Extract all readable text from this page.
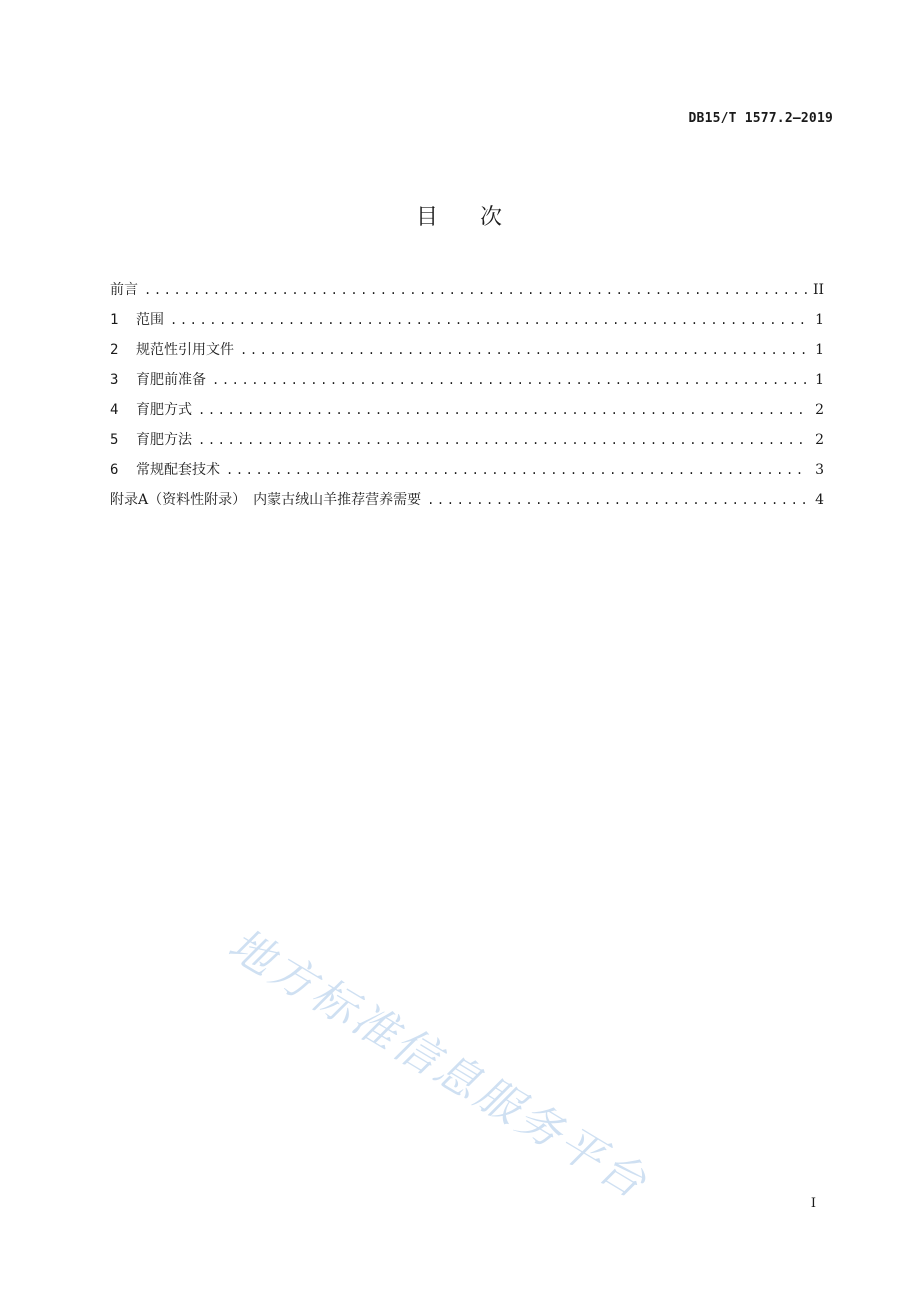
DB15/T 1577.2—2019
目 次
前言 .....	II
1	范围 .....	1
2	规范性引用文件 .....	1
3	育肥前准备 .....	1
4	育肥方式 .....	2
5	育肥方法 .....	2
6	常规配套技术 .....	3
附录A（资料性附录）　内蒙古绒山羊推荐营养需要 .....	4
地方标准信息服务平台	I
